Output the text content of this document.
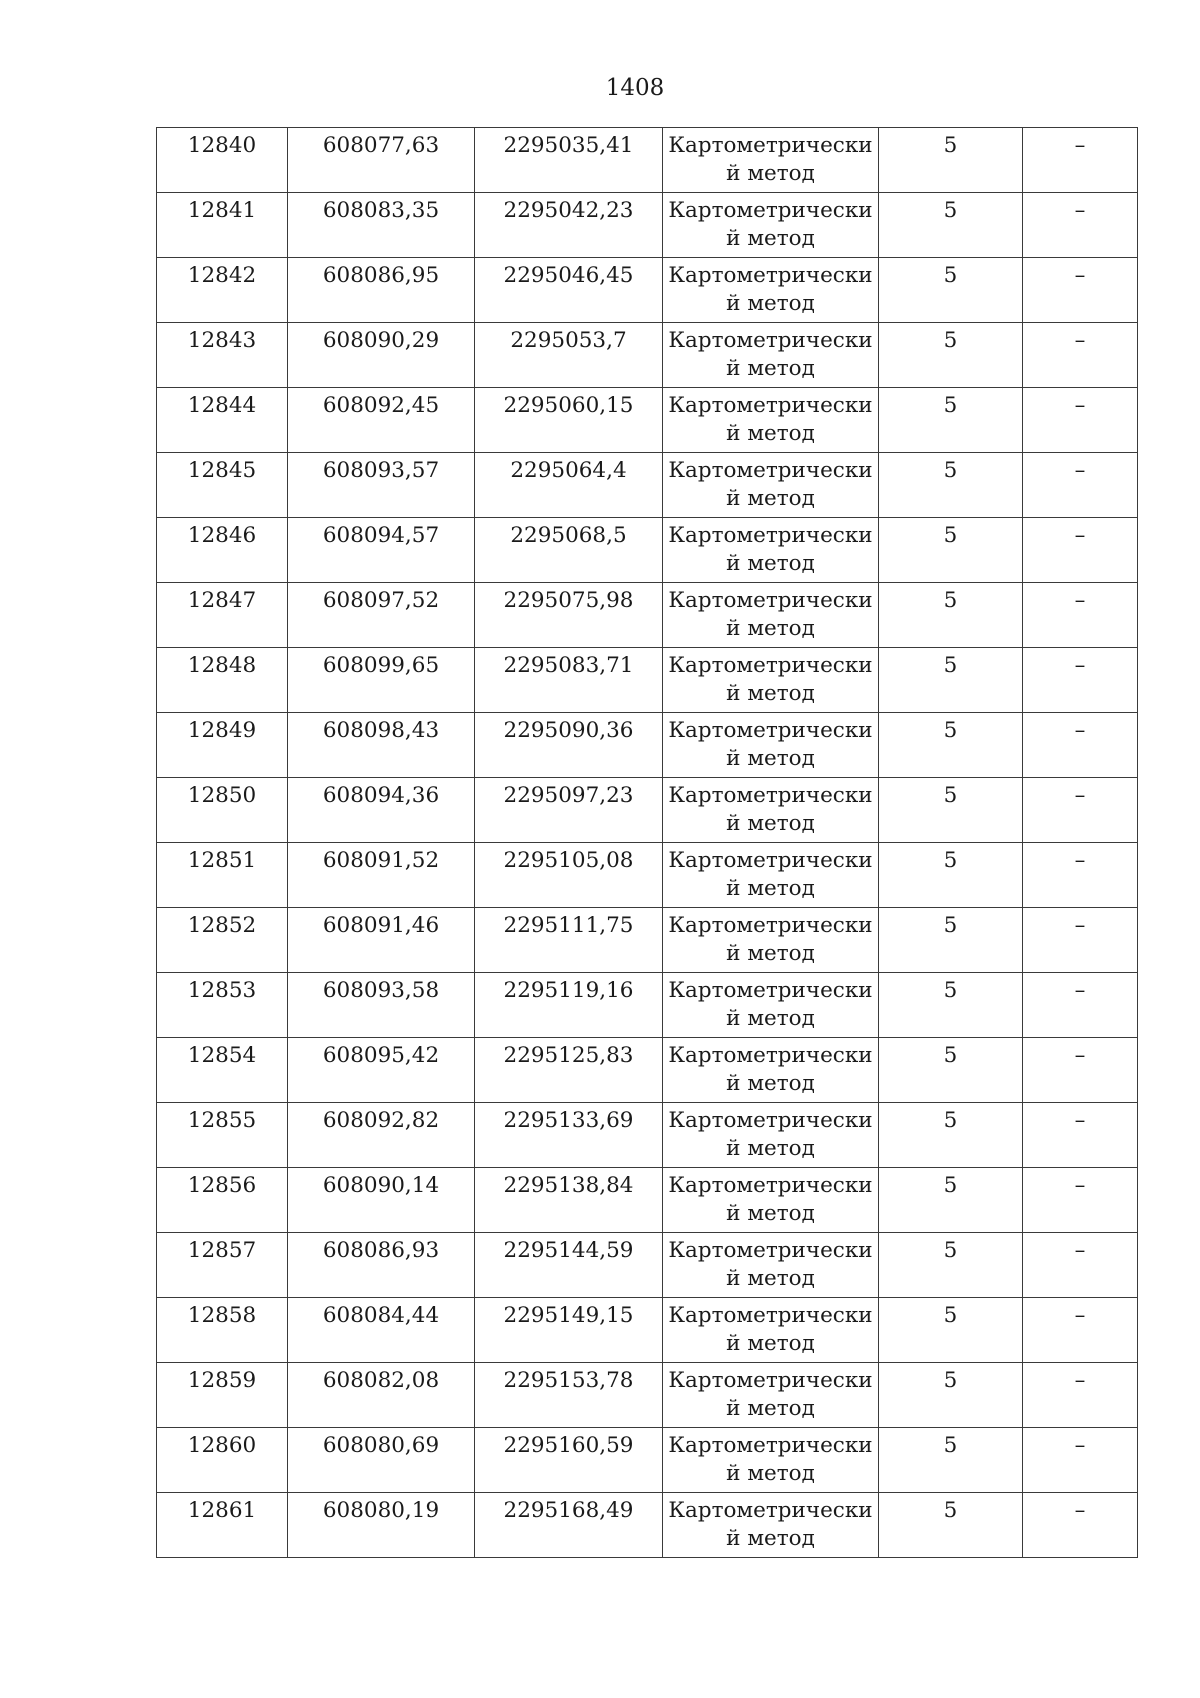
1408
12840	608077,63	2295035,41	Картометрически й метод	5	–
12841	608083,35	2295042,23	Картометрически й метод	5	–
12842	608086,95	2295046,45	Картометрически й метод	5	–
12843	608090,29	2295053,7	Картометрически й метод	5	–
12844	608092,45	2295060,15	Картометрически й метод	5	–
12845	608093,57	2295064,4	Картометрически й метод	5	–
12846	608094,57	2295068,5	Картометрически й метод	5	–
12847	608097,52	2295075,98	Картометрически й метод	5	–
12848	608099,65	2295083,71	Картометрически й метод	5	–
12849	608098,43	2295090,36	Картометрически й метод	5	–
12850	608094,36	2295097,23	Картометрически й метод	5	–
12851	608091,52	2295105,08	Картометрически й метод	5	–
12852	608091,46	2295111,75	Картометрически й метод	5	–
12853	608093,58	2295119,16	Картометрически й метод	5	–
12854	608095,42	2295125,83	Картометрически й метод	5	–
12855	608092,82	2295133,69	Картометрически й метод	5	–
12856	608090,14	2295138,84	Картометрически й метод	5	–
12857	608086,93	2295144,59	Картометрически й метод	5	–
12858	608084,44	2295149,15	Картометрически й метод	5	–
12859	608082,08	2295153,78	Картометрически й метод	5	–
12860	608080,69	2295160,59	Картометрически й метод	5	–
12861	608080,19	2295168,49	Картометрически й метод	5	–
